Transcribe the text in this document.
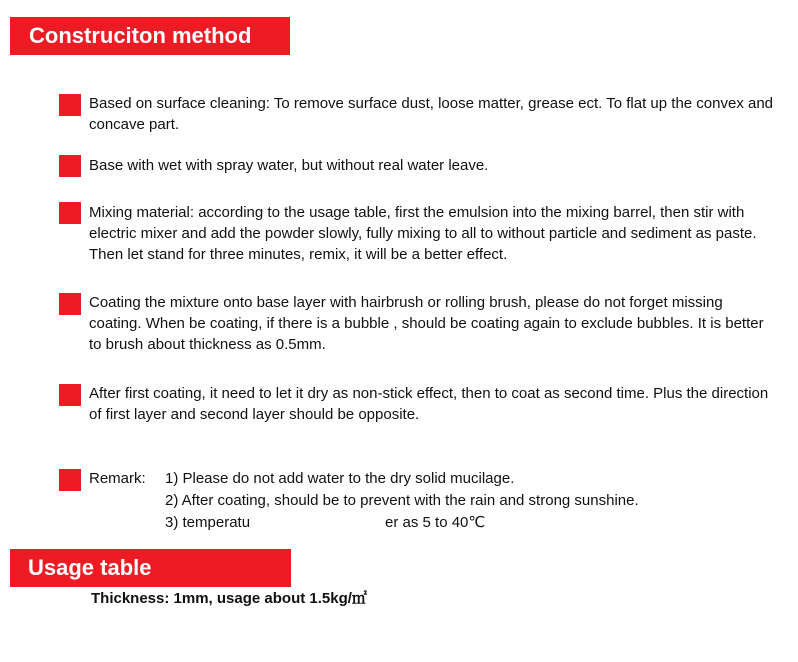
Construciton method
Based on surface cleaning: To remove surface dust, loose matter, grease ect. To flat up the convex and concave part.
Base with wet with spray water, but without real water leave.
Mixing material: according to the usage table, first the emulsion into the mixing barrel, then stir with electric mixer and add the powder slowly, fully mixing to all to without particle and sediment as paste. Then let stand for three minutes, remix, it will be a better effect.
Coating the mixture onto base layer with hairbrush or rolling brush, please do not forget missing coating. When be coating, if there is a bubble , should be coating again to exclude bubbles. It is better to brush about thickness as 0.5mm.
After first coating, it need to let it dry as non-stick effect, then to coat as second time. Plus the direction of first layer and second layer should be opposite.
Remark: 1) Please do not add water to the dry solid mucilage.
2) After coating, should be to prevent with the rain and strong sunshine.
3) temperatu	er as 5 to 40℃
Usage table
Thickness: 1mm, usage about 1.5kg/㎡
